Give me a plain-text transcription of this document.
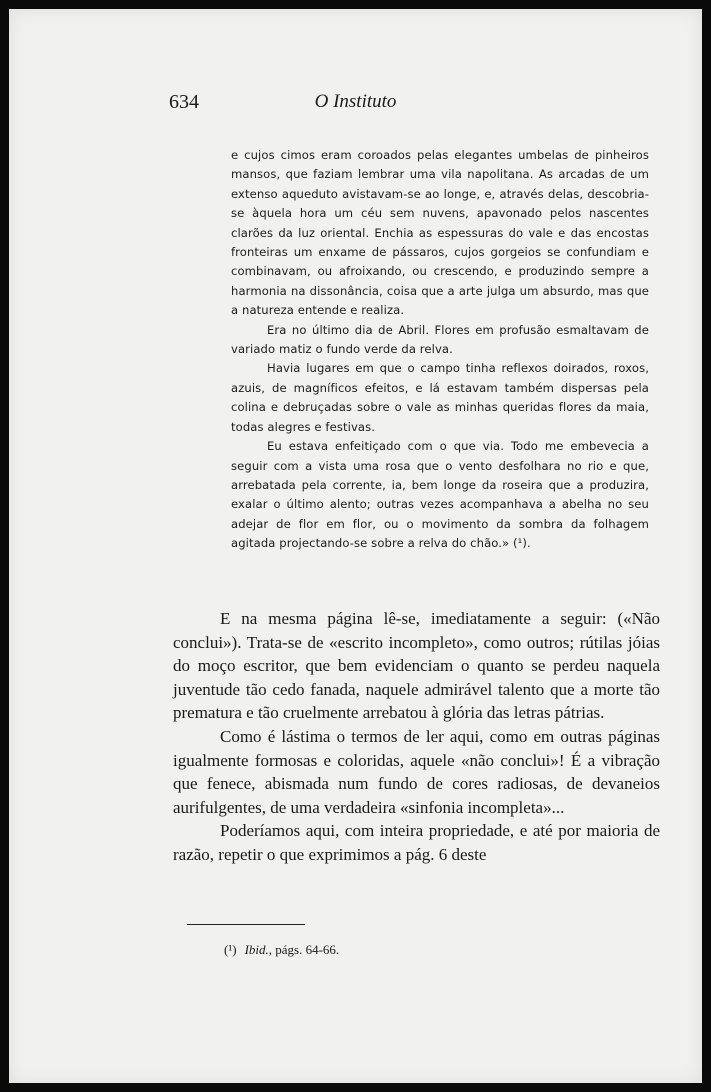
634	O Instituto

e cujos cimos eram coroados pelas elegantes umbelas de pinheiros mansos, que faziam lembrar uma vila napolitana. As arcadas de um extenso aqueduto avistavam-se ao longe, e, através delas, descobria-se àquela hora um céu sem nuvens, apavonado pelos nascentes clarões da luz oriental. Enchia as espessuras do vale e das encostas fronteiras um enxame de pássaros, cujos gorgeios se confundiam e combinavam, ou afroixando, ou crescendo, e produzindo sempre a harmonia na dissonância, coisa que a arte julga um absurdo, mas que a natureza entende e realiza.

Era no último dia de Abril. Flores em profusão esmaltavam de variado matiz o fundo verde da relva.

Havia lugares em que o campo tinha reflexos doirados, roxos, azuis, de magníficos efeitos, e lá estavam também dispersas pela colina e debruçadas sobre o vale as minhas queridas flores da maia, todas alegres e festivas.

Eu estava enfeitiçado com o que via. Todo me embevecia a seguir com a vista uma rosa que o vento desfolhara no rio e que, arrebatada pela corrente, ia, bem longe da roseira que a produzira, exalar o último alento; outras vezes acompanhava a abelha no seu adejar de flor em flor, ou o movimento da sombra da folhagem agitada projectando-se sobre a relva do chão.» (¹).

E na mesma página lê-se, imediatamente a seguir: («Não conclui»). Trata-se de «escrito incompleto», como outros; rútilas jóias do moço escritor, que bem evidenciam o quanto se perdeu naquela juventude tão cedo fanada, naquele admirável talento que a morte tão prematura e tão cruelmente arrebatou à glória das letras pátrias.

Como é lástima o termos de ler aqui, como em outras páginas igualmente formosas e coloridas, aquele «não conclui»! É a vibração que fenece, abismada num fundo de cores radiosas, de devaneios aurifulgentes, de uma verdadeira «sinfonia incompleta»...

Poderíamos aqui, com inteira propriedade, e até por maioria de razão, repetir o que exprimimos a pág. 6 deste

(¹) Ibid., págs. 64-66.
